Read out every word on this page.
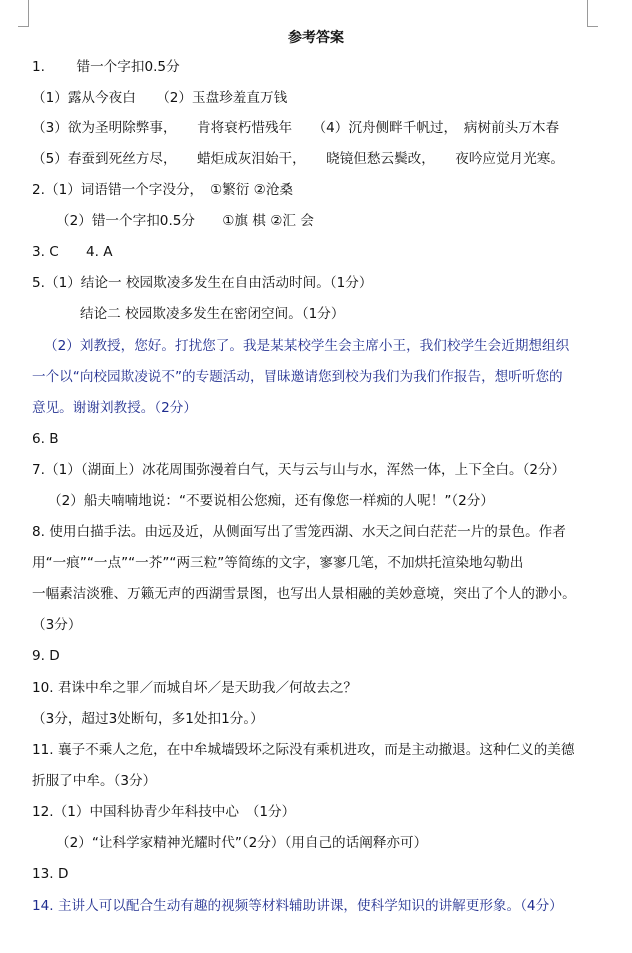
参考答案
1.　　 错一个字扣0.5分
（1）露从今夜白　　（2）玉盘珍羞直万钱
（3）欲为圣明除弊事，　　肯将衰朽惜残年　　（4）沉舟侧畔千帆过，　病树前头万木春
（5）春蚕到死丝方尽，　　蜡炬成灰泪始干，　　晓镜但愁云鬓改，　　夜吟应觉月光寒。
2.（1）词语错一个字没分，　①繁衍 ②沧桑
（2）错一个字扣0.5分　　①旗 棋 ②汇 会
3. C　　4. A
5.（1）结论一 校园欺凌多发生在自由活动时间。（1分）
结论二 校园欺凌多发生在密闭空间。（1分）
（2）刘教授，您好。打扰您了。我是某某校学生会主席小王，我们校学生会近期想组织
一个以“向校园欺凌说不”的专题活动，冒昧邀请您到校为我们为我们作报告，想听听您的
意见。谢谢刘教授。（2分）
6. B
7.（1）（湖面上）冰花周围弥漫着白气，天与云与山与水，浑然一体，上下全白。（2分）
（2）船夫喃喃地说：“不要说相公您痴，还有像您一样痴的人呢！”（2分）
8. 使用白描手法。由远及近，从侧面写出了雪笼西湖、水天之间白茫茫一片的景色。作者
用“一痕”“一点”“一芥”“两三粒”等简练的文字，寥寥几笔，不加烘托渲染地勾勒出
一幅素洁淡雅、万籁无声的西湖雪景图，也写出人景相融的美妙意境，突出了个人的渺小。
（3分）
9. D
10. 君诛中牟之罪／而城自坏／是天助我／何故去之？
（3分，超过3处断句，多1处扣1分。）
11. 襄子不乘人之危，在中牟城墙毁坏之际没有乘机进攻，而是主动撤退。这种仁义的美德
折服了中牟。（3分）
12.（1）中国科协青少年科技中心　（1分）
（2）“让科学家精神光耀时代”（2分）（用自己的话阐释亦可）
13. D
14. 主讲人可以配合生动有趣的视频等材料辅助讲课，使科学知识的讲解更形象。（4分）
